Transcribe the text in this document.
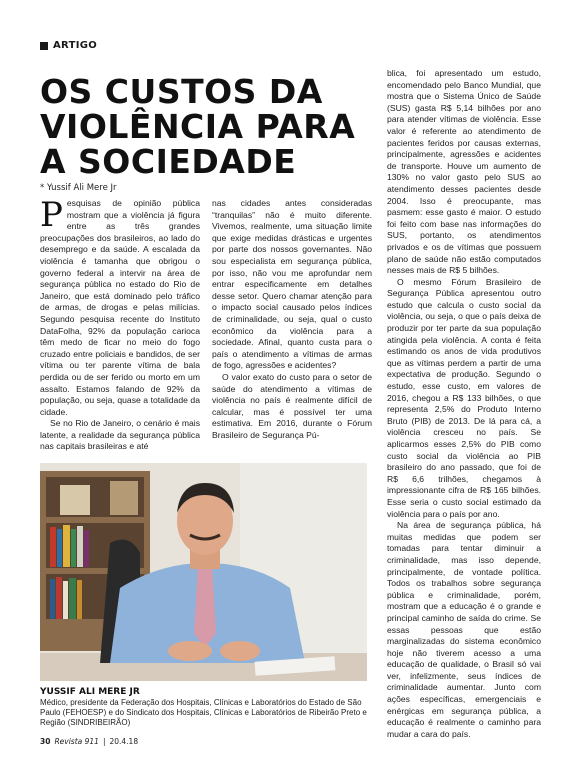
ARTIGO
OS CUSTOS DA
VIOLÊNCIA PARA
A SOCIEDADE
* Yussif Ali Mere Jr

Pesquisas de opinião pública mostram que a violência já figura entre as três grandes preocupações dos brasileiros, ao lado do desemprego e da saúde. A escalada da violência é tamanha que obrigou o governo federal a intervir na área de segurança pública no estado do Rio de Janeiro, que está dominado pelo tráfico de armas, de drogas e pelas milícias. Segundo pesquisa recente do Instituto DataFolha, 92% da população carioca têm medo de ficar no meio do fogo cruzado entre policiais e bandidos, de ser vítima ou ter parente vítima de bala perdida ou de ser ferido ou morto em um assalto. Estamos falando de 92% da população, ou seja, quase a totalidade da cidade.

Se no Rio de Janeiro, o cenário é mais latente, a realidade da segurança pública nas capitais brasileiras e até

nas cidades antes consideradas “tranquilas” não é muito diferente. Vivemos, realmente, uma situação limite que exige medidas drásticas e urgentes por parte dos nossos governantes. Não sou especialista em segurança pública, por isso, não vou me aprofundar nem entrar especificamente em detalhes desse setor. Quero chamar atenção para o impacto social causado pelos índices de criminalidade, ou seja, qual o custo econômico da violência para a sociedade. Afinal, quanto custa para o país o atendimento a vítimas de armas de fogo, agressões e acidentes?

O valor exato do custo para o setor de saúde do atendimento a vítimas de violência no país é realmente difícil de calcular, mas é possível ter uma estimativa. Em 2016, durante o Fórum Brasileiro de Segurança Pú-

blica, foi apresentado um estudo, encomendado pelo Banco Mundial, que mostra que o Sistema Único de Saúde (SUS) gasta R$ 5,14 bilhões por ano para atender vítimas de violência. Esse valor é referente ao atendimento de pacientes feridos por causas externas, principalmente, agressões e acidentes de transporte. Houve um aumento de 130% no valor gasto pelo SUS ao atendimento desses pacientes desde 2004. Isso é preocupante, mas pasmem: esse gasto é maior. O estudo foi feito com base nas informações do SUS, portanto, os atendimentos privados e os de vítimas que possuem plano de saúde não estão computados nesses mais de R$ 5 bilhões.

O mesmo Fórum Brasileiro de Segurança Pública apresentou outro estudo que calcula o custo social da violência, ou seja, o que o país deixa de produzir por ter parte da sua população atingida pela violência. A conta é feita estimando os anos de vida produtivos que as vítimas perdem a partir de uma expectativa de produção. Segundo o estudo, esse custo, em valores de 2016, chegou a R$ 133 bilhões, o que representa 2,5% do Produto Interno Bruto (PIB) de 2013. De lá para cá, a violência cresceu no país. Se aplicarmos esses 2,5% do PIB como custo social da violência ao PIB brasileiro do ano passado, que foi de R$ 6,6 trilhões, chegamos à impressionante cifra de R$ 165 bilhões. Esse seria o custo social estimado da violência para o país por ano.

Na área de segurança pública, há muitas medidas que podem ser tomadas para tentar diminuir a criminalidade, mas isso depende, principalmente, de vontade política. Todos os trabalhos sobre segurança pública e criminalidade, porém, mostram que a educação é o grande e principal caminho de saída do crime. Se essas pessoas que estão marginalizadas do sistema econômico hoje não tiverem acesso a uma educação de qualidade, o Brasil só vai ver, infelizmente, seus índices de criminalidade aumentar. Junto com ações específicas, emergenciais e enérgicas em segurança pública, a educação é realmente o caminho para mudar a cara do país.

YUSSIF ALI MERE JR
Médico, presidente da Federação dos Hospitais, Clínicas e Laboratórios do Estado de São Paulo (FEHOESP) e do Sindicato dos Hospitais, Clínicas e Laboratórios de Ribeirão Preto e Região (SINDRIBEIRÃO)
30 Revista 911 | 20.4.18
